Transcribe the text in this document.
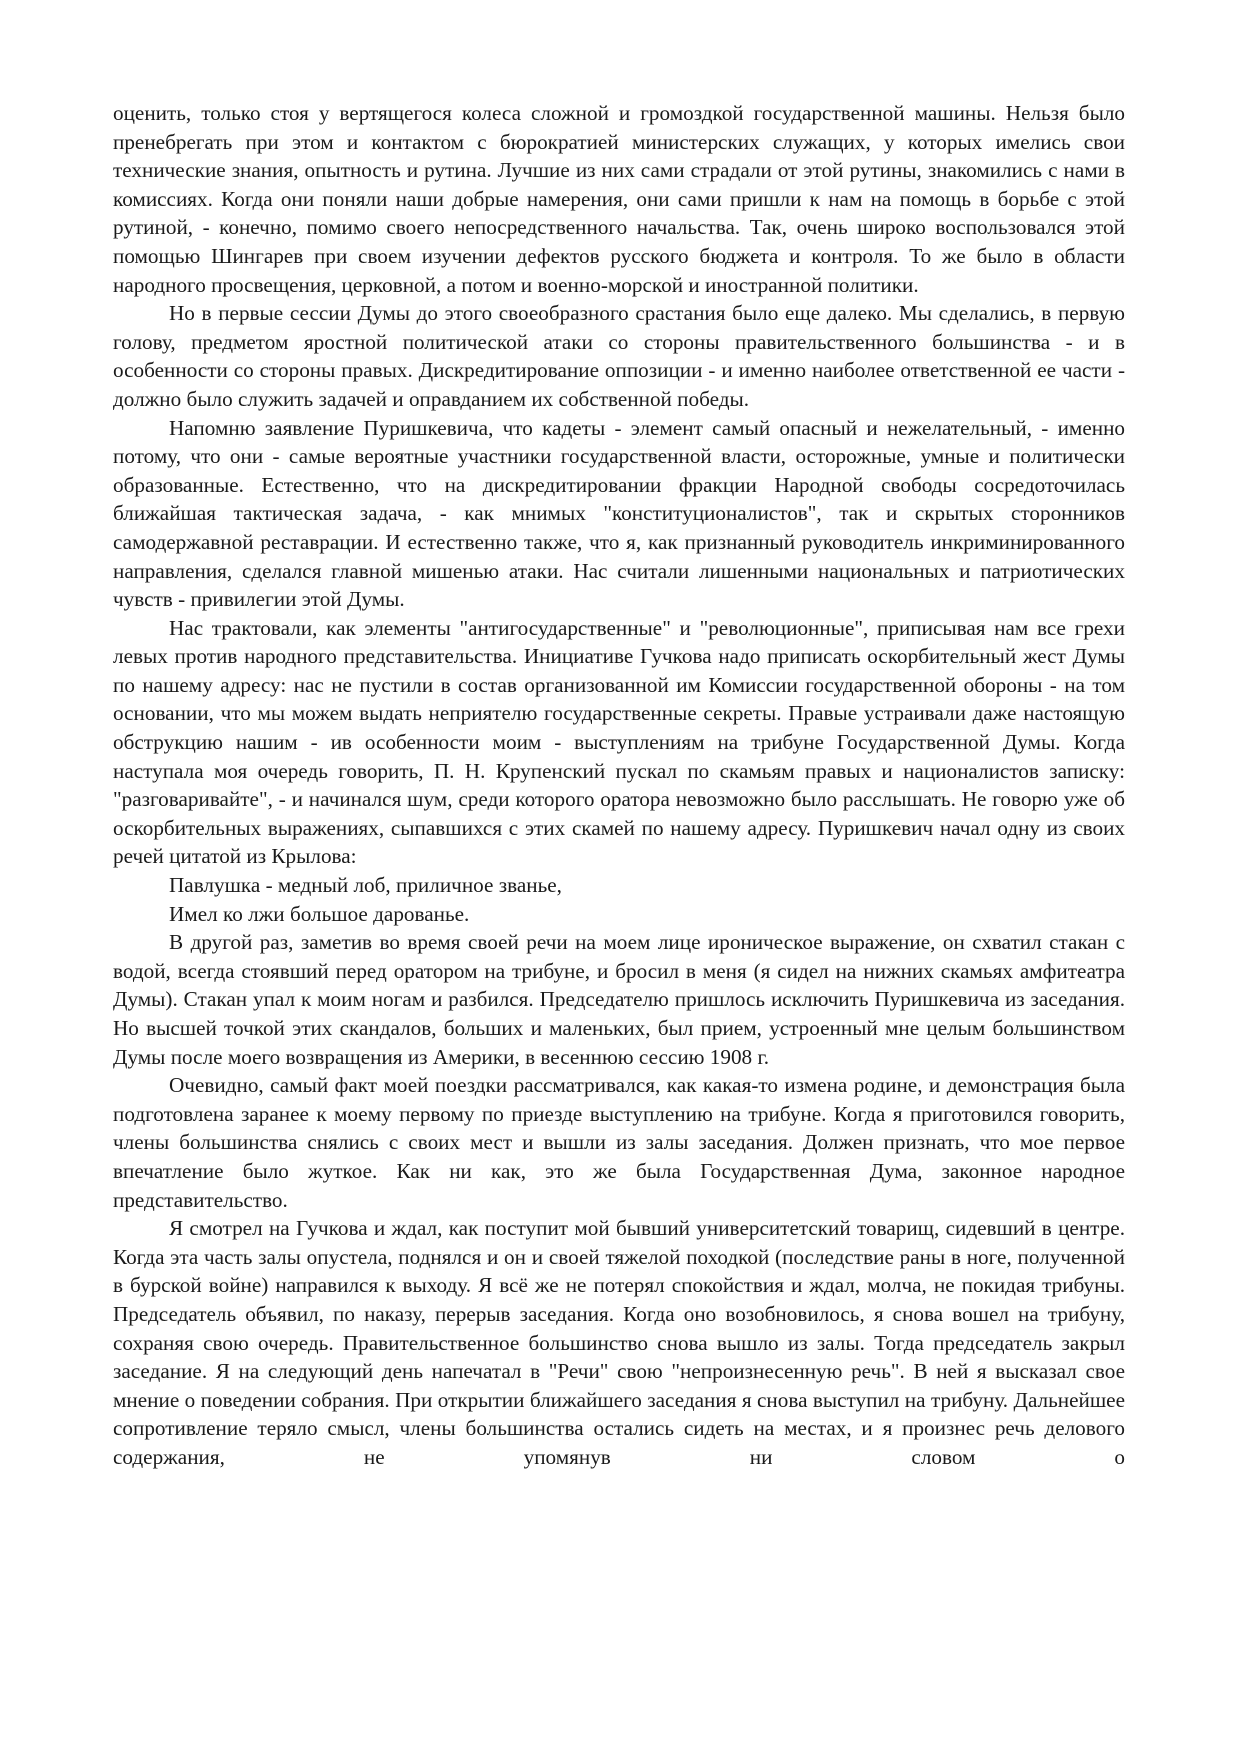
оценить, только стоя у вертящегося колеса сложной и громоздкой государственной машины. Нельзя было пренебрегать при этом и контактом с бюрократией министерских служащих, у которых имелись свои технические знания, опытность и рутина. Лучшие из них сами страдали от этой рутины, знакомились с нами в комиссиях. Когда они поняли наши добрые намерения, они сами пришли к нам на помощь в борьбе с этой рутиной, - конечно, помимо своего непосредственного начальства. Так, очень широко воспользовался этой помощью Шингарев при своем изучении дефектов русского бюджета и контроля. То же было в области народного просвещения, церковной, а потом и военно-морской и иностранной политики.

Но в первые сессии Думы до этого своеобразного срастания было еще далеко. Мы сделались, в первую голову, предметом яростной политической атаки со стороны правительственного большинства - и в особенности со стороны правых. Дискредитирование оппозиции - и именно наиболее ответственной ее части - должно было служить задачей и оправданием их собственной победы.

Напомню заявление Пуришкевича, что кадеты - элемент самый опасный и нежелательный, - именно потому, что они - самые вероятные участники государственной власти, осторожные, умные и политически образованные. Естественно, что на дискредитировании фракции Народной свободы сосредоточилась ближайшая тактическая задача, - как мнимых "конституционалистов", так и скрытых сторонников самодержавной реставрации. И естественно также, что я, как признанный руководитель инкриминированного направления, сделался главной мишенью атаки. Нас считали лишенными национальных и патриотических чувств - привилегии этой Думы.

Нас трактовали, как элементы "антигосударственные" и "революционные", приписывая нам все грехи левых против народного представительства. Инициативе Гучкова надо приписать оскорбительный жест Думы по нашему адресу: нас не пустили в состав организованной им Комиссии государственной обороны - на том основании, что мы можем выдать неприятелю государственные секреты. Правые устраивали даже настоящую обструкцию нашим - ив особенности моим - выступлениям на трибуне Государственной Думы. Когда наступала моя очередь говорить, П. Н. Крупенский пускал по скамьям правых и националистов записку: "разговаривайте", - и начинался шум, среди которого оратора невозможно было расслышать. Не говорю уже об оскорбительных выражениях, сыпавшихся с этих скамей по нашему адресу. Пуришкевич начал одну из своих речей цитатой из Крылова:

Павлушка - медный лоб, приличное званье,

Имел ко лжи большое дарованье.

В другой раз, заметив во время своей речи на моем лице ироническое выражение, он схватил стакан с водой, всегда стоявший перед оратором на трибуне, и бросил в меня (я сидел на нижних скамьях амфитеатра Думы). Стакан упал к моим ногам и разбился. Председателю пришлось исключить Пуришкевича из заседания. Но высшей точкой этих скандалов, больших и маленьких, был прием, устроенный мне целым большинством Думы после моего возвращения из Америки, в весеннюю сессию 1908 г.

Очевидно, самый факт моей поездки рассматривался, как какая-то измена родине, и демонстрация была подготовлена заранее к моему первому по приезде выступлению на трибуне. Когда я приготовился говорить, члены большинства снялись с своих мест и вышли из залы заседания. Должен признать, что мое первое впечатление было жуткое. Как ни как, это же была Государственная Дума, законное народное представительство.

Я смотрел на Гучкова и ждал, как поступит мой бывший университетский товарищ, сидевший в центре. Когда эта часть залы опустела, поднялся и он и своей тяжелой походкой (последствие раны в ноге, полученной в бурской войне) направился к выходу. Я всё же не потерял спокойствия и ждал, молча, не покидая трибуны. Председатель объявил, по наказу, перерыв заседания. Когда оно возобновилось, я снова вошел на трибуну, сохраняя свою очередь. Правительственное большинство снова вышло из залы. Тогда председатель закрыл заседание. Я на следующий день напечатал в "Речи" свою "непроизнесенную речь". В ней я высказал свое мнение о поведении собрания. При открытии ближайшего заседания я снова выступил на трибуну. Дальнейшее сопротивление теряло смысл, члены большинства остались сидеть на местах, и я произнес речь делового содержания, не упомянув ни словом о
